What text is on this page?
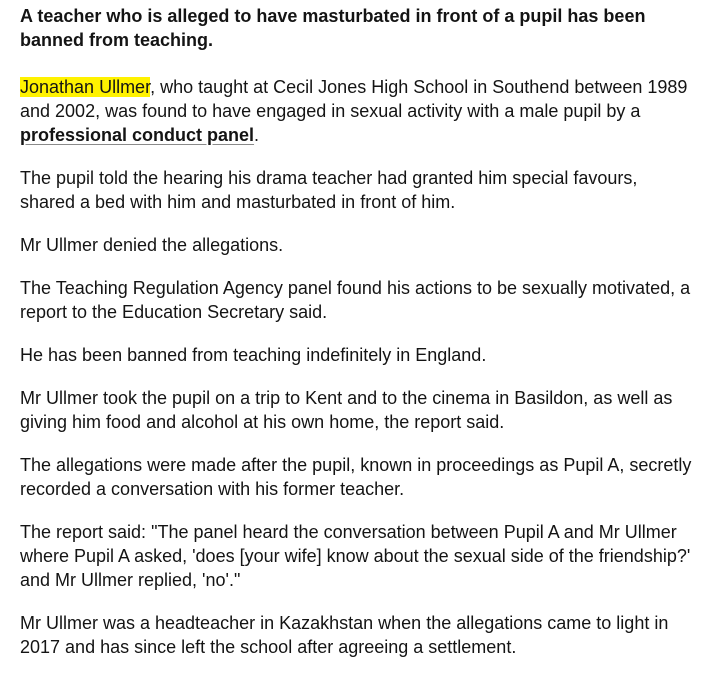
A teacher who is alleged to have masturbated in front of a pupil has been banned from teaching.

Jonathan Ullmer, who taught at Cecil Jones High School in Southend between 1989 and 2002, was found to have engaged in sexual activity with a male pupil by a professional conduct panel.

The pupil told the hearing his drama teacher had granted him special favours, shared a bed with him and masturbated in front of him.

Mr Ullmer denied the allegations.

The Teaching Regulation Agency panel found his actions to be sexually motivated, a report to the Education Secretary said.

He has been banned from teaching indefinitely in England.

Mr Ullmer took the pupil on a trip to Kent and to the cinema in Basildon, as well as giving him food and alcohol at his own home, the report said.

The allegations were made after the pupil, known in proceedings as Pupil A, secretly recorded a conversation with his former teacher.

The report said: "The panel heard the conversation between Pupil A and Mr Ullmer where Pupil A asked, 'does [your wife] know about the sexual side of the friendship?' and Mr Ullmer replied, 'no'."

Mr Ullmer was a headteacher in Kazakhstan when the allegations came to light in 2017 and has since left the school after agreeing a settlement.
